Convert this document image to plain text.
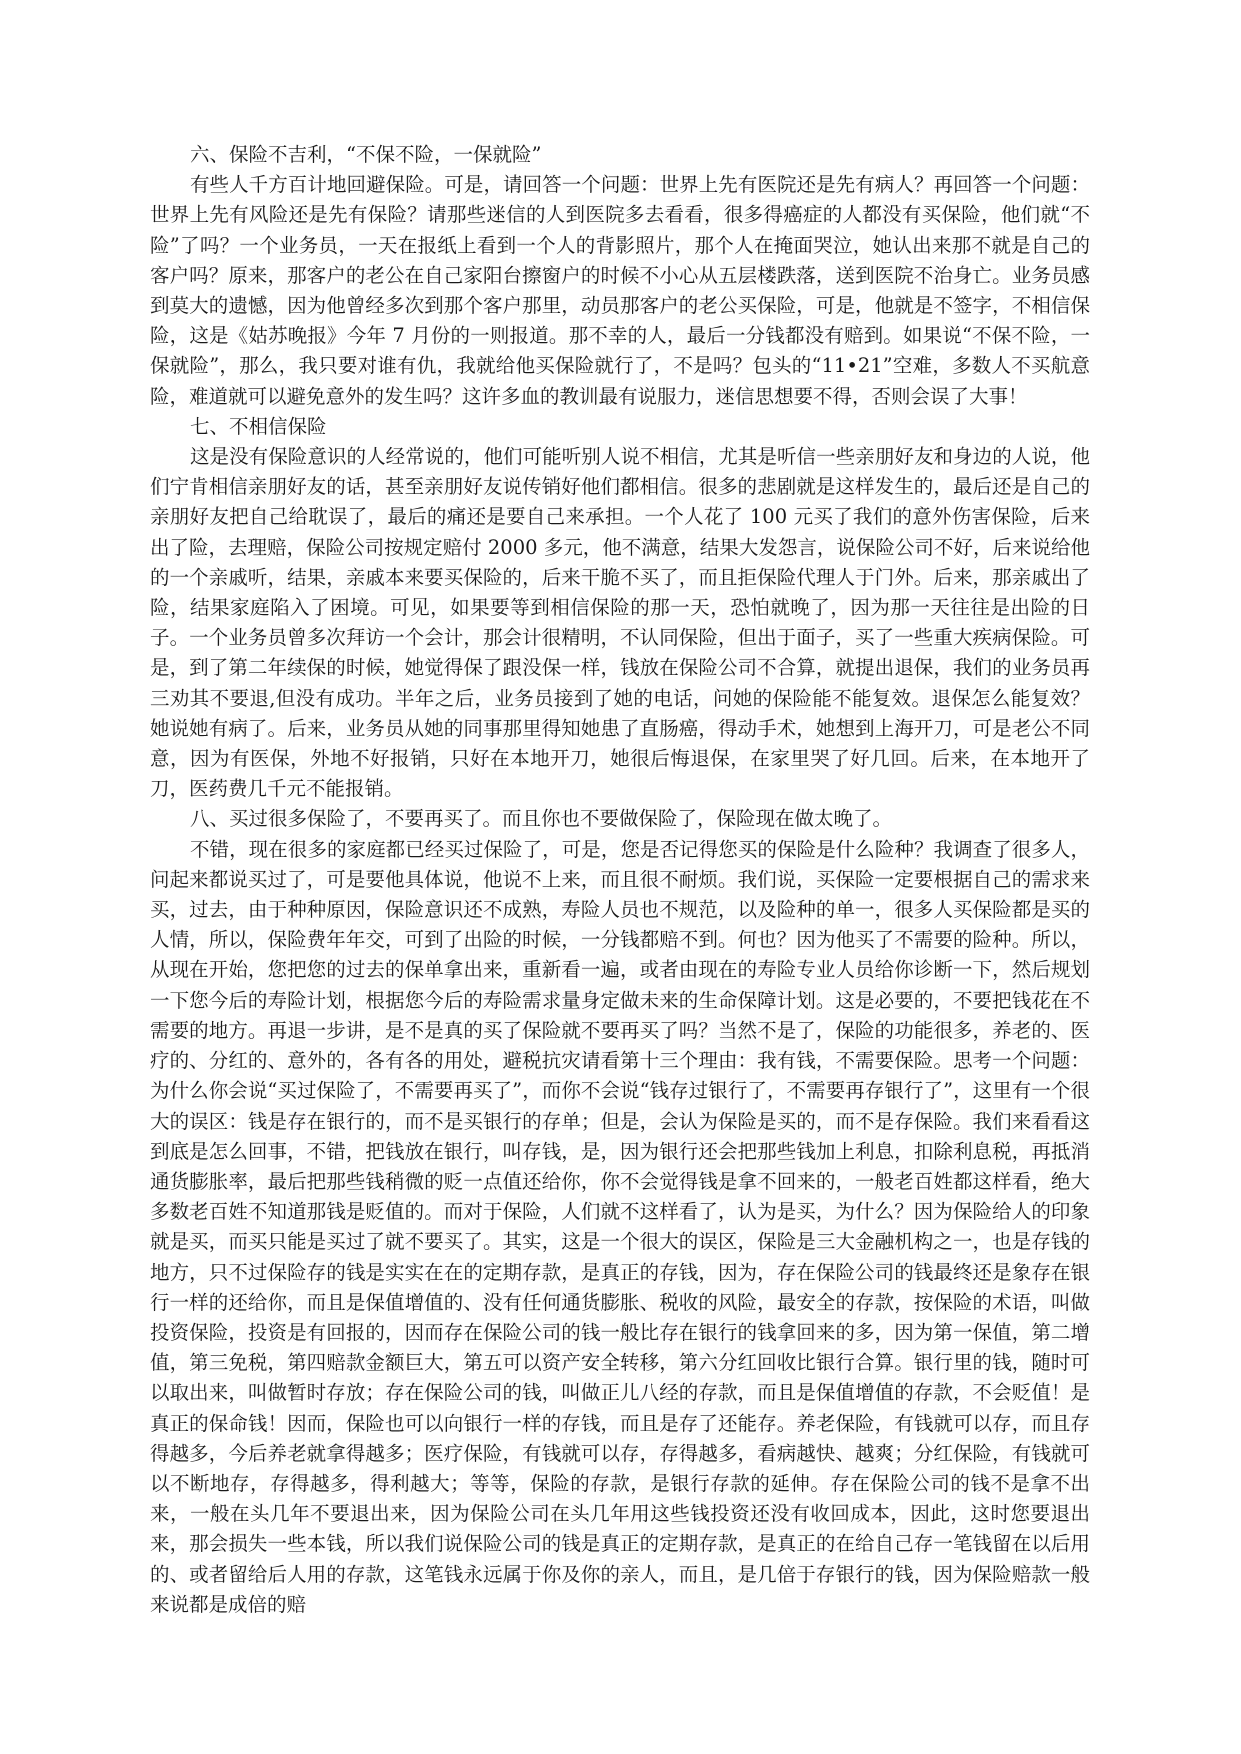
六、保险不吉利，“不保不险，一保就险”

有些人千方百计地回避保险。可是，请回答一个问题：世界上先有医院还是先有病人？再回答一个问题：世界上先有风险还是先有保险？请那些迷信的人到医院多去看看，很多得癌症的人都没有买保险，他们就“不险”了吗？一个业务员，一天在报纸上看到一个人的背影照片，那个人在掩面哭泣，她认出来那不就是自己的客户吗？原来，那客户的老公在自己家阳台擦窗户的时候不小心从五层楼跌落，送到医院不治身亡。业务员感到莫大的遗憾，因为他曾经多次到那个客户那里，动员那客户的老公买保险，可是，他就是不签字，不相信保险，这是《姑苏晚报》今年 7 月份的一则报道。那不幸的人，最后一分钱都没有赔到。如果说“不保不险，一保就险”，那么，我只要对谁有仇，我就给他买保险就行了，不是吗？包头的“11•21”空难，多数人不买航意险，难道就可以避免意外的发生吗？这许多血的教训最有说服力，迷信思想要不得，否则会误了大事！

七、不相信保险

这是没有保险意识的人经常说的，他们可能听别人说不相信，尤其是听信一些亲朋好友和身边的人说，他们宁肯相信亲朋好友的话，甚至亲朋好友说传销好他们都相信。很多的悲剧就是这样发生的，最后还是自己的亲朋好友把自己给耽误了，最后的痛还是要自己来承担。一个人花了 100 元买了我们的意外伤害保险，后来出了险，去理赔，保险公司按规定赔付 2000 多元，他不满意，结果大发怨言，说保险公司不好，后来说给他的一个亲戚听，结果，亲戚本来要买保险的，后来干脆不买了，而且拒保险代理人于门外。后来，那亲戚出了险，结果家庭陷入了困境。可见，如果要等到相信保险的那一天，恐怕就晚了，因为那一天往往是出险的日子。一个业务员曾多次拜访一个会计，那会计很精明，不认同保险，但出于面子，买了一些重大疾病保险。可是，到了第二年续保的时候，她觉得保了跟没保一样，钱放在保险公司不合算，就提出退保，我们的业务员再三劝其不要退,但没有成功。半年之后，业务员接到了她的电话，问她的保险能不能复效。退保怎么能复效？她说她有病了。后来，业务员从她的同事那里得知她患了直肠癌，得动手术，她想到上海开刀，可是老公不同意，因为有医保，外地不好报销，只好在本地开刀，她很后悔退保，在家里哭了好几回。后来，在本地开了刀，医药费几千元不能报销。

八、买过很多保险了，不要再买了。而且你也不要做保险了，保险现在做太晚了。

不错，现在很多的家庭都已经买过保险了，可是，您是否记得您买的保险是什么险种？我调查了很多人，问起来都说买过了，可是要他具体说，他说不上来，而且很不耐烦。我们说，买保险一定要根据自己的需求来买，过去，由于种种原因，保险意识还不成熟，寿险人员也不规范，以及险种的单一，很多人买保险都是买的人情，所以，保险费年年交，可到了出险的时候，一分钱都赔不到。何也？因为他买了不需要的险种。所以，从现在开始，您把您的过去的保单拿出来，重新看一遍，或者由现在的寿险专业人员给你诊断一下，然后规划一下您今后的寿险计划，根据您今后的寿险需求量身定做未来的生命保障计划。这是必要的，不要把钱花在不需要的地方。再退一步讲，是不是真的买了保险就不要再买了吗？当然不是了，保险的功能很多，养老的、医疗的、分红的、意外的，各有各的用处，避税抗灾请看第十三个理由：我有钱，不需要保险。思考一个问题：为什么你会说“买过保险了，不需要再买了”，而你不会说“钱存过银行了，不需要再存银行了”，这里有一个很大的误区：钱是存在银行的，而不是买银行的存单；但是，会认为保险是买的，而不是存保险。我们来看看这到底是怎么回事，不错，把钱放在银行，叫存钱，是，因为银行还会把那些钱加上利息，扣除利息税，再抵消通货膨胀率，最后把那些钱稍微的贬一点值还给你，你不会觉得钱是拿不回来的，一般老百姓都这样看，绝大多数老百姓不知道那钱是贬值的。而对于保险，人们就不这样看了，认为是买，为什么？因为保险给人的印象就是买，而买只能是买过了就不要买了。其实，这是一个很大的误区，保险是三大金融机构之一，也是存钱的地方，只不过保险存的钱是实实在在的定期存款，是真正的存钱，因为，存在保险公司的钱最终还是象存在银行一样的还给你，而且是保值增值的、没有任何通货膨胀、税收的风险，最安全的存款，按保险的术语，叫做投资保险，投资是有回报的，因而存在保险公司的钱一般比存在银行的钱拿回来的多，因为第一保值，第二增值，第三免税，第四赔款金额巨大，第五可以资产安全转移，第六分红回收比银行合算。银行里的钱，随时可以取出来，叫做暂时存放；存在保险公司的钱，叫做正儿八经的存款，而且是保值增值的存款，不会贬值！是真正的保命钱！因而，保险也可以向银行一样的存钱，而且是存了还能存。养老保险，有钱就可以存，而且存得越多，今后养老就拿得越多；医疗保险，有钱就可以存，存得越多，看病越快、越爽；分红保险，有钱就可以不断地存，存得越多，得利越大；等等，保险的存款，是银行存款的延伸。存在保险公司的钱不是拿不出来，一般在头几年不要退出来，因为保险公司在头几年用这些钱投资还没有收回成本，因此，这时您要退出来，那会损失一些本钱，所以我们说保险公司的钱是真正的定期存款，是真正的在给自己存一笔钱留在以后用的、或者留给后人用的存款，这笔钱永远属于你及你的亲人，而且，是几倍于存银行的钱，因为保险赔款一般来说都是成倍的赔
